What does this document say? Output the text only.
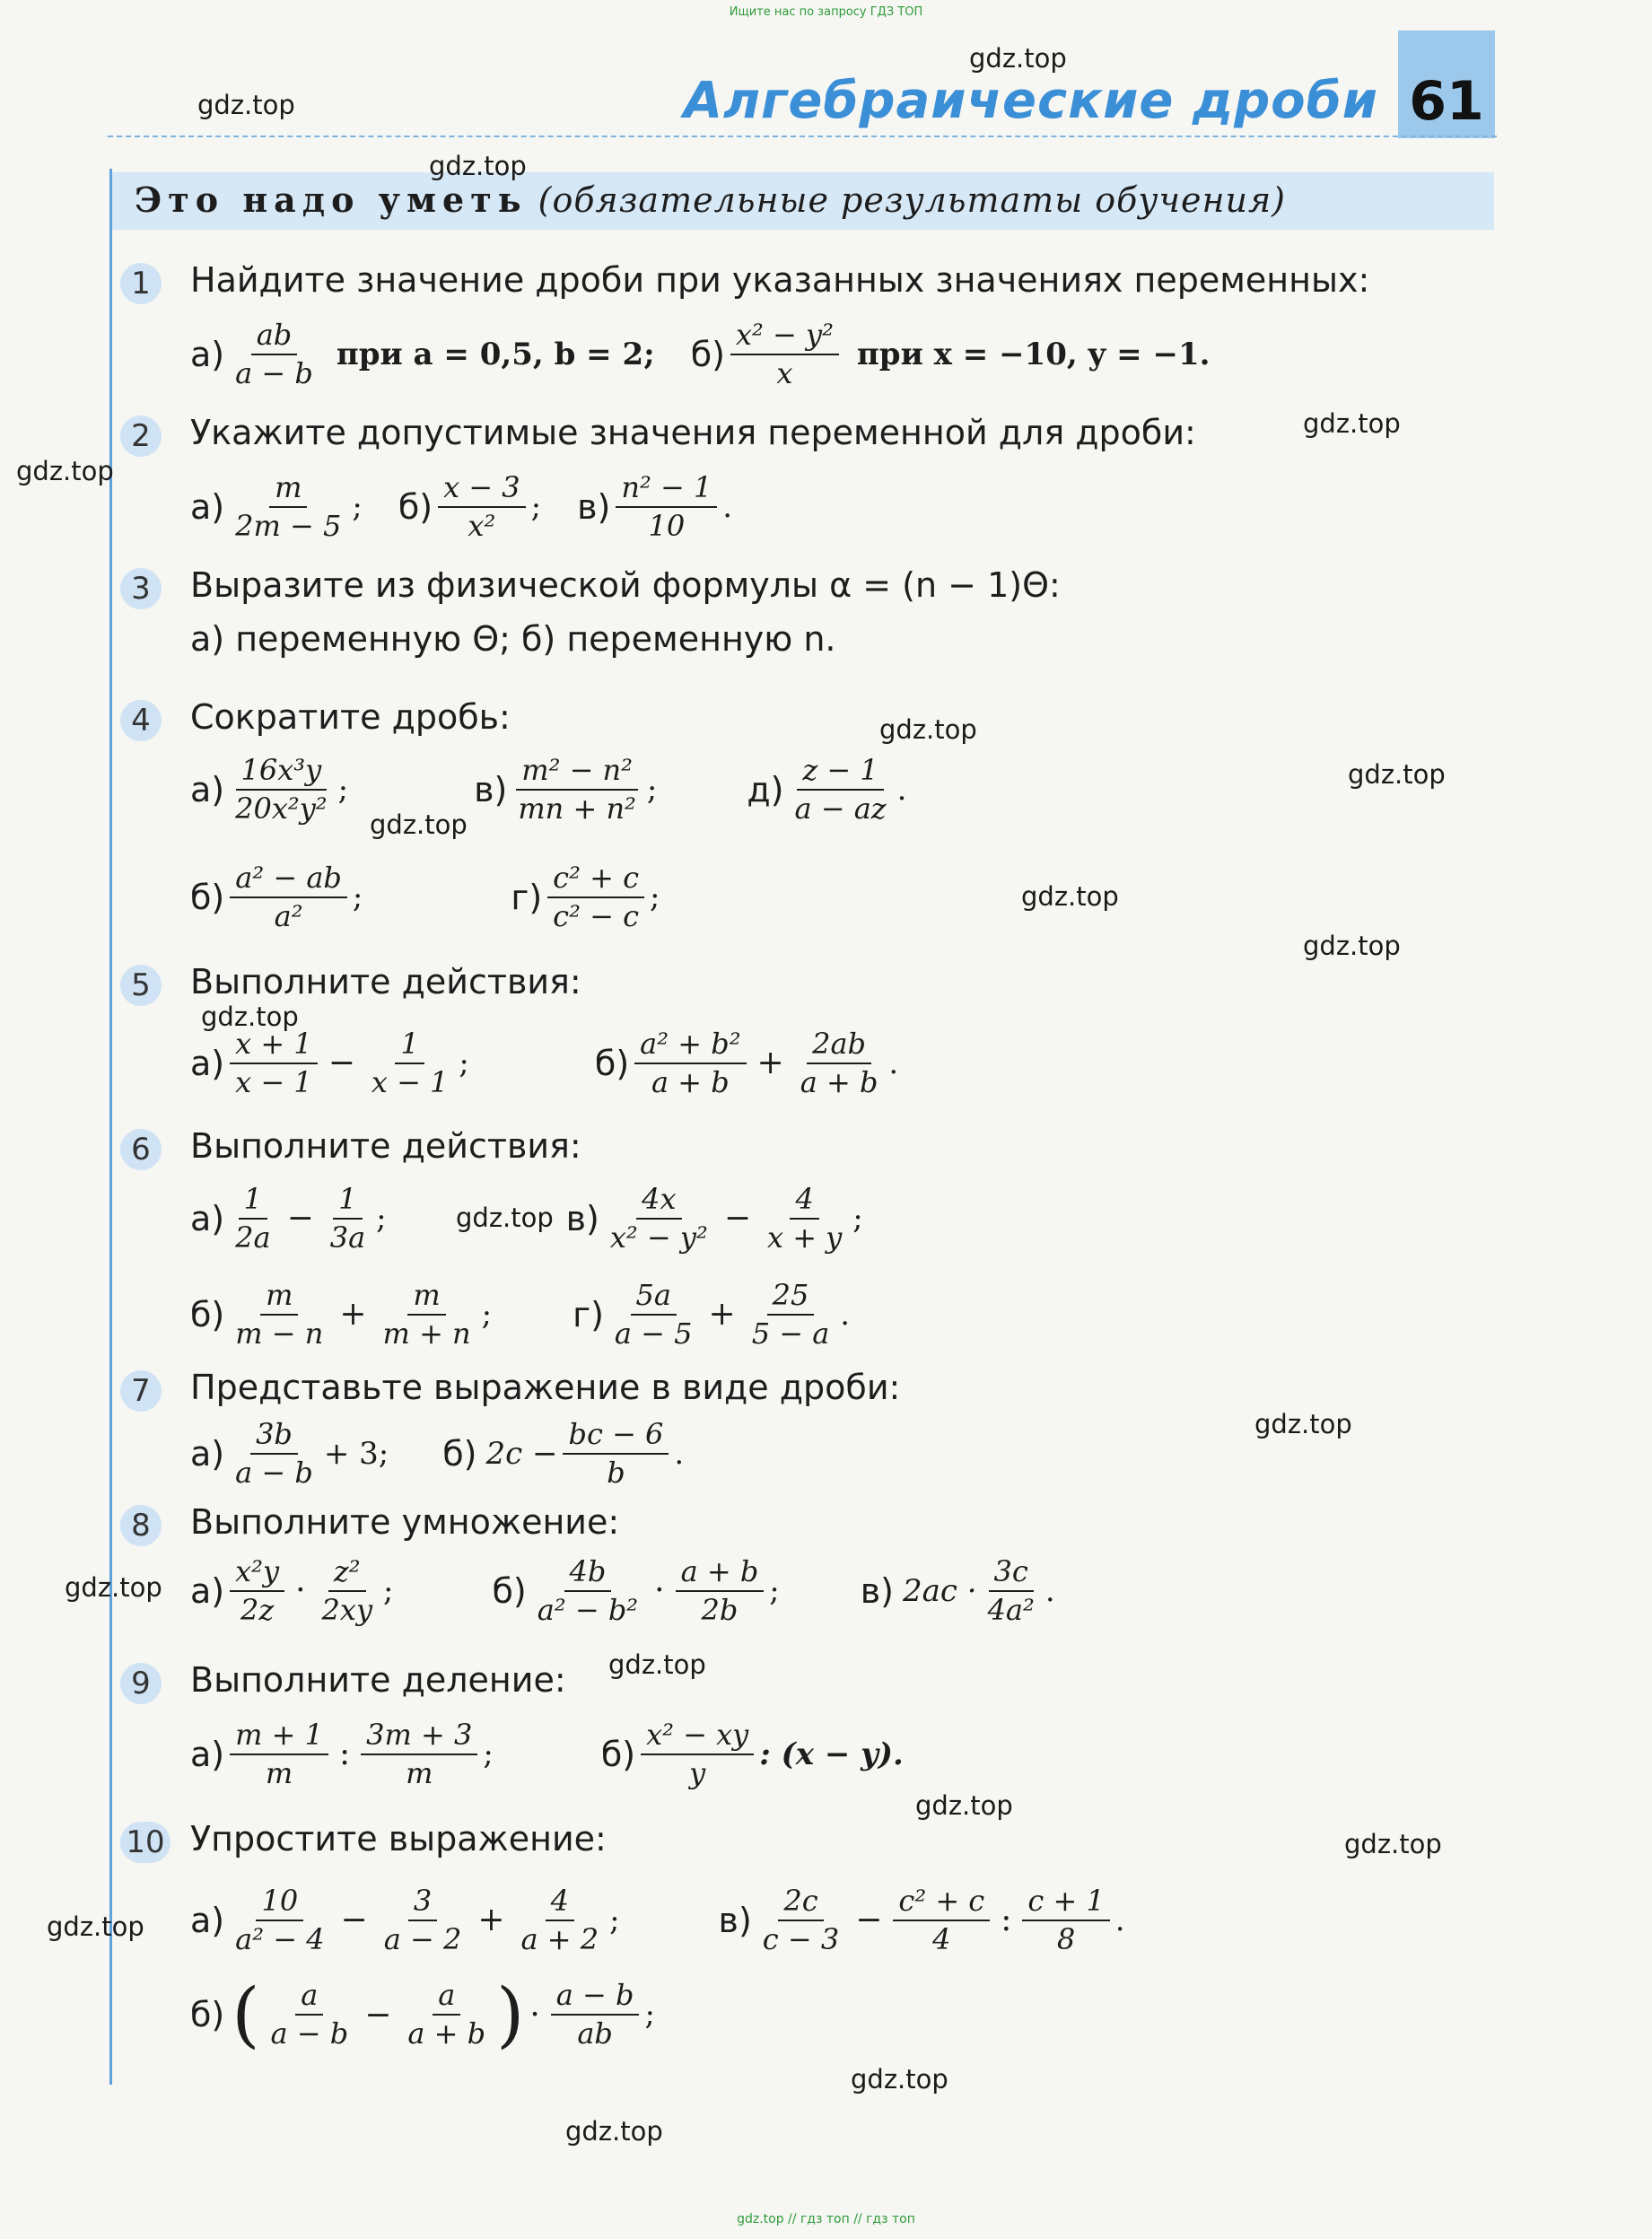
Ищите нас по запросу ГДЗ ТОП
61
Алгебраические дроби
Это надо уметь (обязательные результаты обучения)
1	Найдите значение дроби при указанных значениях переменных:
$а) \frac{ab}{a - b}$ при a = 0,5, b = 2; $б) \frac{\text{x² − y²}}{x}$ при x = −10, y = −1.
2	Укажите допустимые значения переменной для дроби:
$а) \frac{m}{2m - 5}$ ; $б) \frac{x - 3}{\text{x²}}$ ; $в) \frac{\text{n² − 1}}{10}$ .
3	Выразите из физической формулы α = (n − 1)Θ:
а) переменную Θ; б) переменную n.
4	Сократите дробь:
$а) \frac{\text{16x³y}}{\text{20x²y²}}$ ;	$в) \frac{\text{m² − n²}}{\text{mn + n²}}$ ;	$д) \frac{z - 1}{a - az}$ .
$б) \frac{\text{a² − ab}}{\text{a²}}$ ;	$г) \frac{\text{c² + c}}{\text{c² − c}}$ ;
5	Выполните действия:
$а) \frac{x + 1}{x - 1} - \frac{1}{x - 1}$ ;	$б) \frac{\text{a² + b²}}{a + b} + \frac{2ab}{a + b}$ .
6	Выполните действия:
$а) \frac{1}{2a} - \frac{1}{3a}$ ;	$в) \frac{4x}{\text{x² − y²}} - \frac{4}{x + y}$ ;
$б) \frac{m}{m - n} + \frac{m}{m + n}$ ; $г) \frac{5a}{a - 5} + \frac{25}{5 - a}$ .
7	Представьте выражение в виде дроби:
$а) \frac{3b}{a - b} + 3$; б) $2c - \frac{bc - 6}{b}$ .
8	Выполните умножение:
$а) \frac{\text{x²y}}{2z} \cdot \frac{\text{z²}}{2xy}$ ;	$б) \frac{4b}{\text{a² − b²}} \cdot \frac{a + b}{2b}$ ; в) $2ac \cdot \frac{3c}{\text{4a²}}$ .
9	Выполните деление:
$а) \frac{m + 1}{m}$ : $\frac{3m + 3}{m}$ ;	$б) \frac{\text{x² − xy}}{y}$ : (x − y).
10 Упростите выражение:
$а) \frac{10}{\text{a² − 4}} - \frac{3}{a - 2} + \frac{4}{a + 2}$ ;	$в) \frac{2c}{c - 3} - \frac{\text{c² + c}}{4}$ : $\frac{c + 1}{8}$ .
б) ( $\frac{a}{a - b} - \frac{a}{a + b}$ ) · $\frac{a - b}{ab}$ ;
gdz.top
gdz.top
gdz.top
gdz.top
gdz.top
gdz.top
gdz.top
gdz.top
gdz.top
gdz.top
gdz.top
gdz.top
gdz.top
gdz.top
gdz.top
gdz.top
gdz.top
gdz.top
gdz.top
gdz.top
gdz.top // гдз топ // гдз топ
